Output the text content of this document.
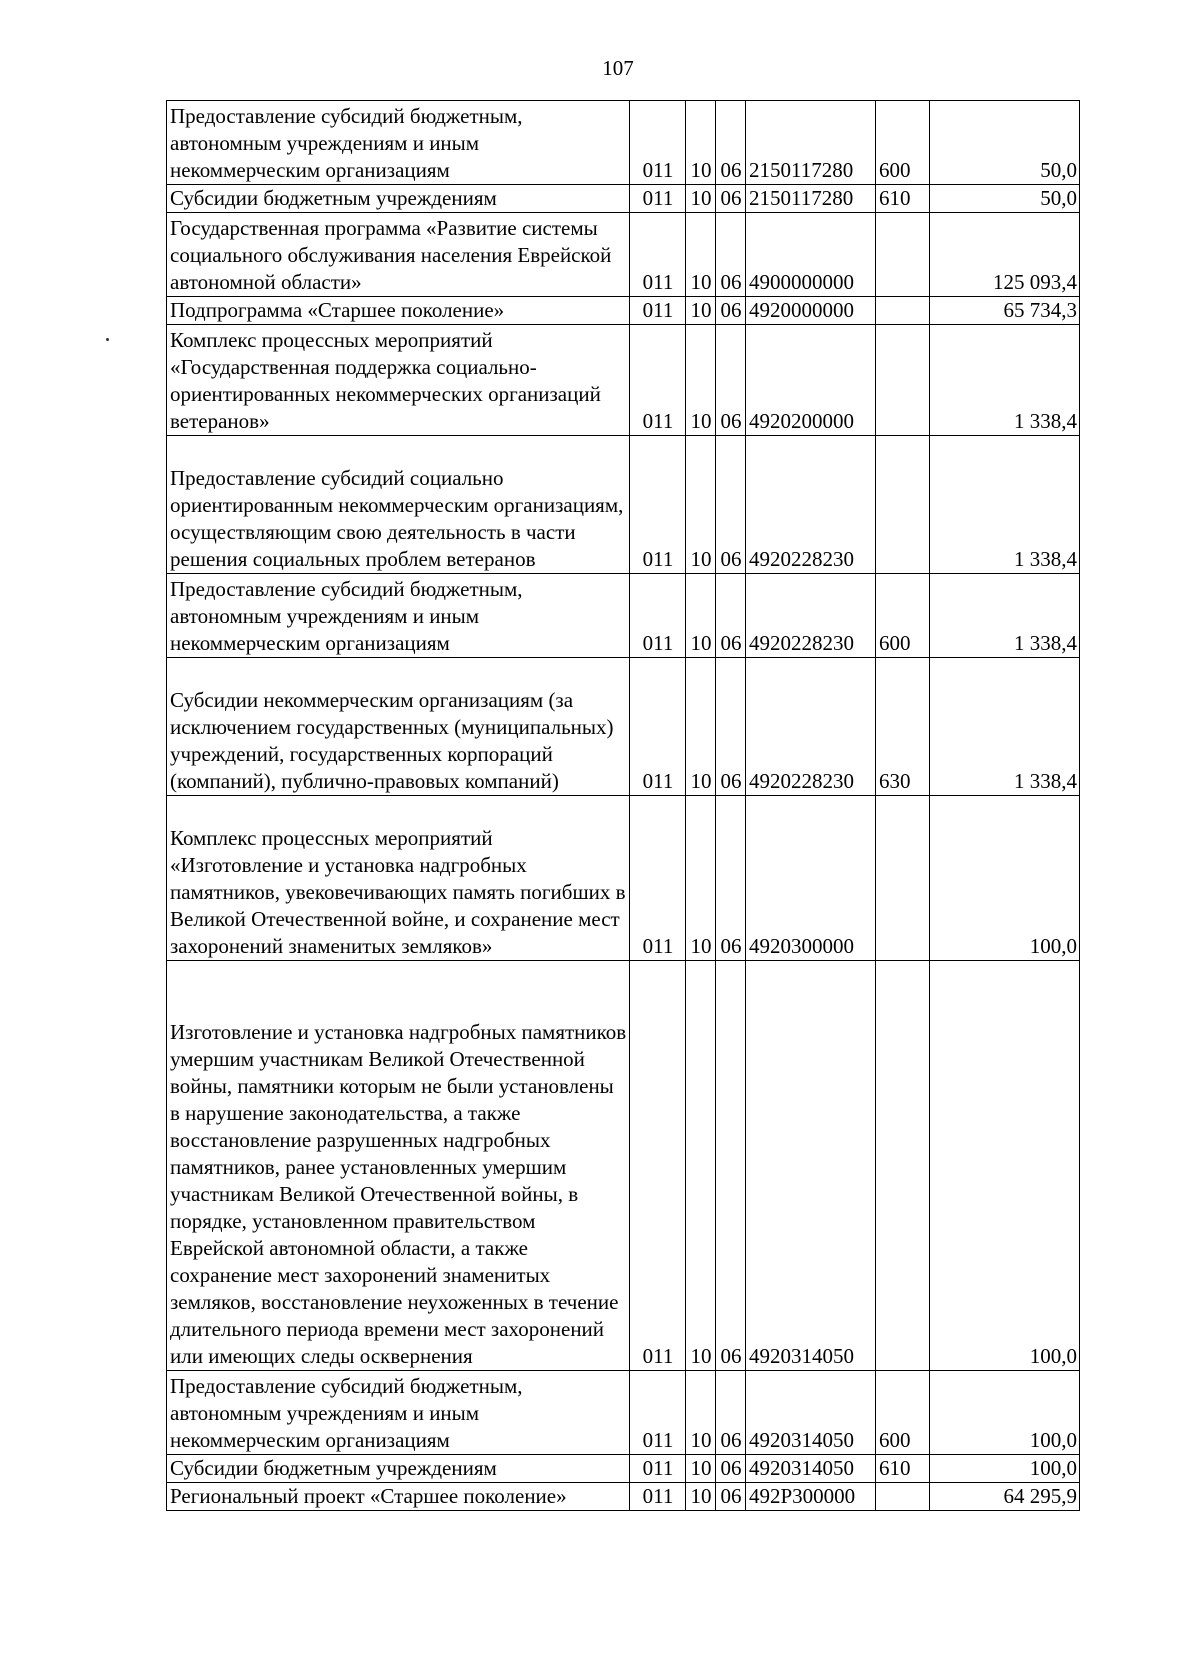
107
Предоставление субсидий бюджетным, автономным учреждениям и иным некоммерческим организациям	011	10	06	2150117280	600	50,0
Субсидии бюджетным учреждениям	011	10	06	2150117280	610	50,0
Государственная программа «Развитие системы социального обслуживания населения Еврейской автономной области»	011	10	06	4900000000		125 093,4
Подпрограмма «Старшее поколение»	011	10	06	4920000000		65 734,3
Комплекс процессных мероприятий «Государственная поддержка социально-ориентированных некоммерческих организаций ветеранов»	011	10	06	4920200000		1 338,4
Предоставление субсидий социально ориентированным некоммерческим организациям, осуществляющим свою деятельность в части решения социальных проблем ветеранов	011	10	06	4920228230		1 338,4
Предоставление субсидий бюджетным, автономным учреждениям и иным некоммерческим организациям	011	10	06	4920228230	600	1 338,4
Субсидии некоммерческим организациям (за исключением государственных (муниципальных) учреждений, государственных корпораций (компаний), публично-правовых компаний)	011	10	06	4920228230	630	1 338,4
Комплекс процессных мероприятий «Изготовление и установка надгробных памятников, увековечивающих память погибших в Великой Отечественной войне, и сохранение мест захоронений знаменитых земляков»	011	10	06	4920300000		100,0
Изготовление и установка надгробных памятников умершим участникам Великой Отечественной войны, памятники которым не были установлены в нарушение законодательства, а также восстановление разрушенных надгробных памятников, ранее установленных умершим участникам Великой Отечественной войны, в порядке, установленном правительством Еврейской автономной области, а также сохранение мест захоронений знаменитых земляков, восстановление неухоженных в течение длительного периода времени мест захоронений или имеющих следы осквернения	011	10	06	4920314050		100,0
Предоставление субсидий бюджетным, автономным учреждениям и иным некоммерческим организациям	011	10	06	4920314050	600	100,0
Субсидии бюджетным учреждениям	011	10	06	4920314050	610	100,0
Региональный проект «Старшее поколение»	011	10	06	492Р300000		64 295,9
